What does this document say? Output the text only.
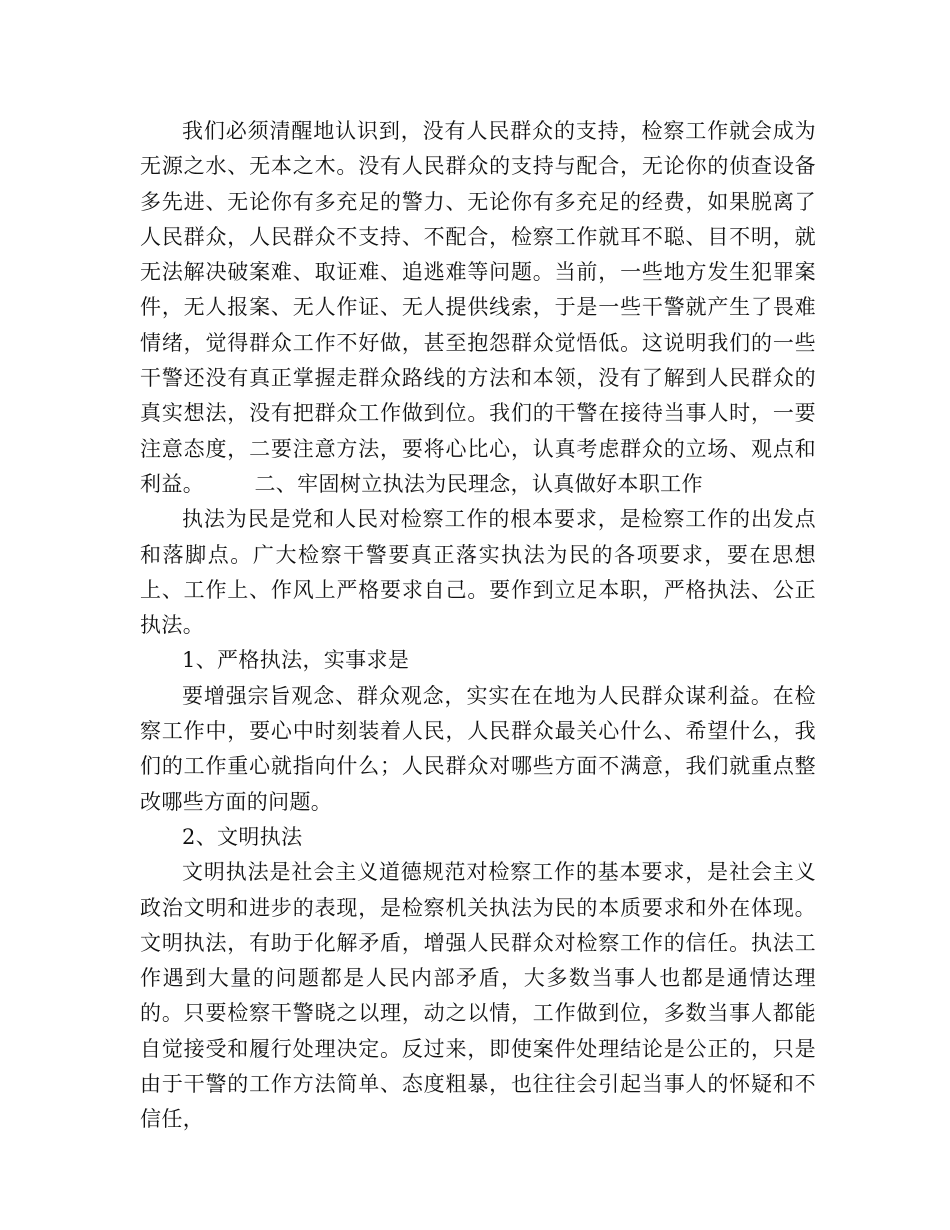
我们必须清醒地认识到，没有人民群众的支持，检察工作就会成为无源之水、无本之木。没有人民群众的支持与配合，无论你的侦查设备多先进、无论你有多充足的警力、无论你有多充足的经费，如果脱离了人民群众，人民群众不支持、不配合，检察工作就耳不聪、目不明，就无法解决破案难、取证难、追逃难等问题。当前，一些地方发生犯罪案件，无人报案、无人作证、无人提供线索，于是一些干警就产生了畏难情绪，觉得群众工作不好做，甚至抱怨群众觉悟低。这说明我们的一些干警还没有真正掌握走群众路线的方法和本领，没有了解到人民群众的真实想法，没有把群众工作做到位。我们的干警在接待当事人时，一要注意态度，二要注意方法，要将心比心，认真考虑群众的立场、观点和利益。 二、牢固树立执法为民理念，认真做好本职工作

执法为民是党和人民对检察工作的根本要求，是检察工作的出发点和落脚点。广大检察干警要真正落实执法为民的各项要求，要在思想上、工作上、作风上严格要求自己。要作到立足本职，严格执法、公正执法。

1、严格执法，实事求是

要增强宗旨观念、群众观念，实实在在地为人民群众谋利益。在检察工作中，要心中时刻装着人民，人民群众最关心什么、希望什么，我们的工作重心就指向什么；人民群众对哪些方面不满意，我们就重点整改哪些方面的问题。

2、文明执法

文明执法是社会主义道德规范对检察工作的基本要求，是社会主义政治文明和进步的表现，是检察机关执法为民的本质要求和外在体现。文明执法，有助于化解矛盾，增强人民群众对检察工作的信任。执法工作遇到大量的问题都是人民内部矛盾，大多数当事人也都是通情达理的。只要检察干警晓之以理，动之以情，工作做到位，多数当事人都能自觉接受和履行处理决定。反过来，即使案件处理结论是公正的，只是由于干警的工作方法简单、态度粗暴，也往往会引起当事人的怀疑和不信任，
